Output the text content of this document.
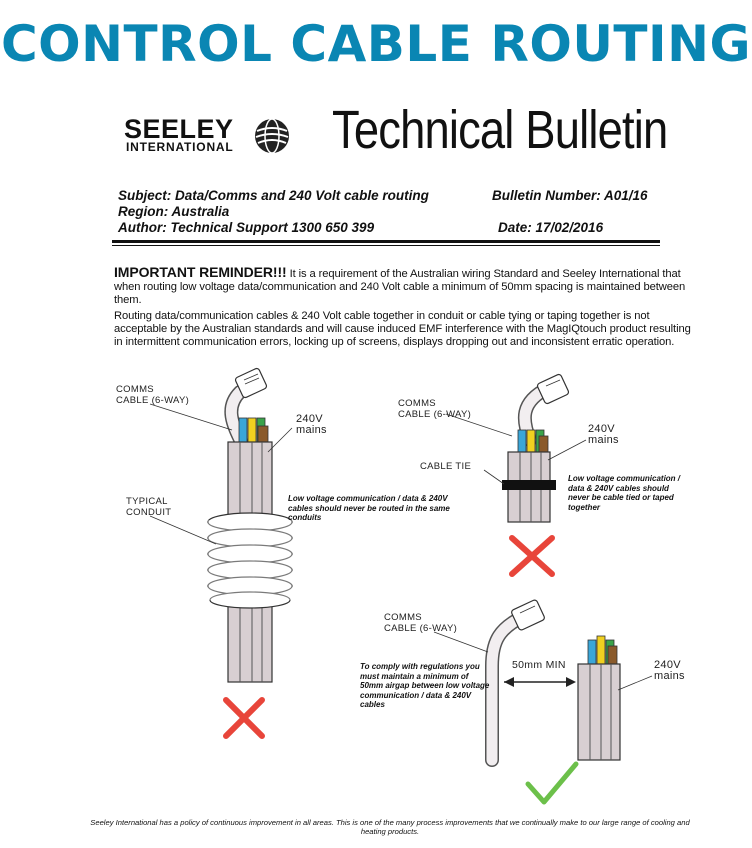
CONTROL CABLE ROUTING
SEELEY
INTERNATIONAL Technical Bulletin
Subject: Data/Comms and 240 Volt cable routing
Region: Australia
Author: Technical Support 1300 650 399
Bulletin Number: A01/16
Date: 17/02/2016
IMPORTANT REMINDER!!! It is a requirement of the Australian wiring Standard and Seeley International that when routing low voltage data/communication and 240 Volt cable a minimum of 50mm spacing is maintained between them.
Routing data/communication cables & 240 Volt cable together in conduit or cable tying or taping together is not acceptable by the Australian standards and will cause induced EMF interference with the MagIQtouch product resulting in intermittent communication errors, locking up of screens, displays dropping out and inconsistent erratic operation.
COMMS
CABLE (6-WAY)
240V
mains
TYPICAL
CONDUIT
Low voltage communication / data & 240V cables should never be routed in the same conduits
COMMS
CABLE (6-WAY)
240V
mains
CABLE TIE
Low voltage communication / data & 240V cables should never be cable tied or taped together
COMMS
CABLE (6-WAY)
50mm MIN	240V
mains
To comply with regulations you must maintain a minimum of 50mm airgap between low voltage communication / data & 240V cables
Seeley International has a policy of continuous improvement in all areas. This is one of the many process improvements that we continually make to our large range of cooling and heating products.
